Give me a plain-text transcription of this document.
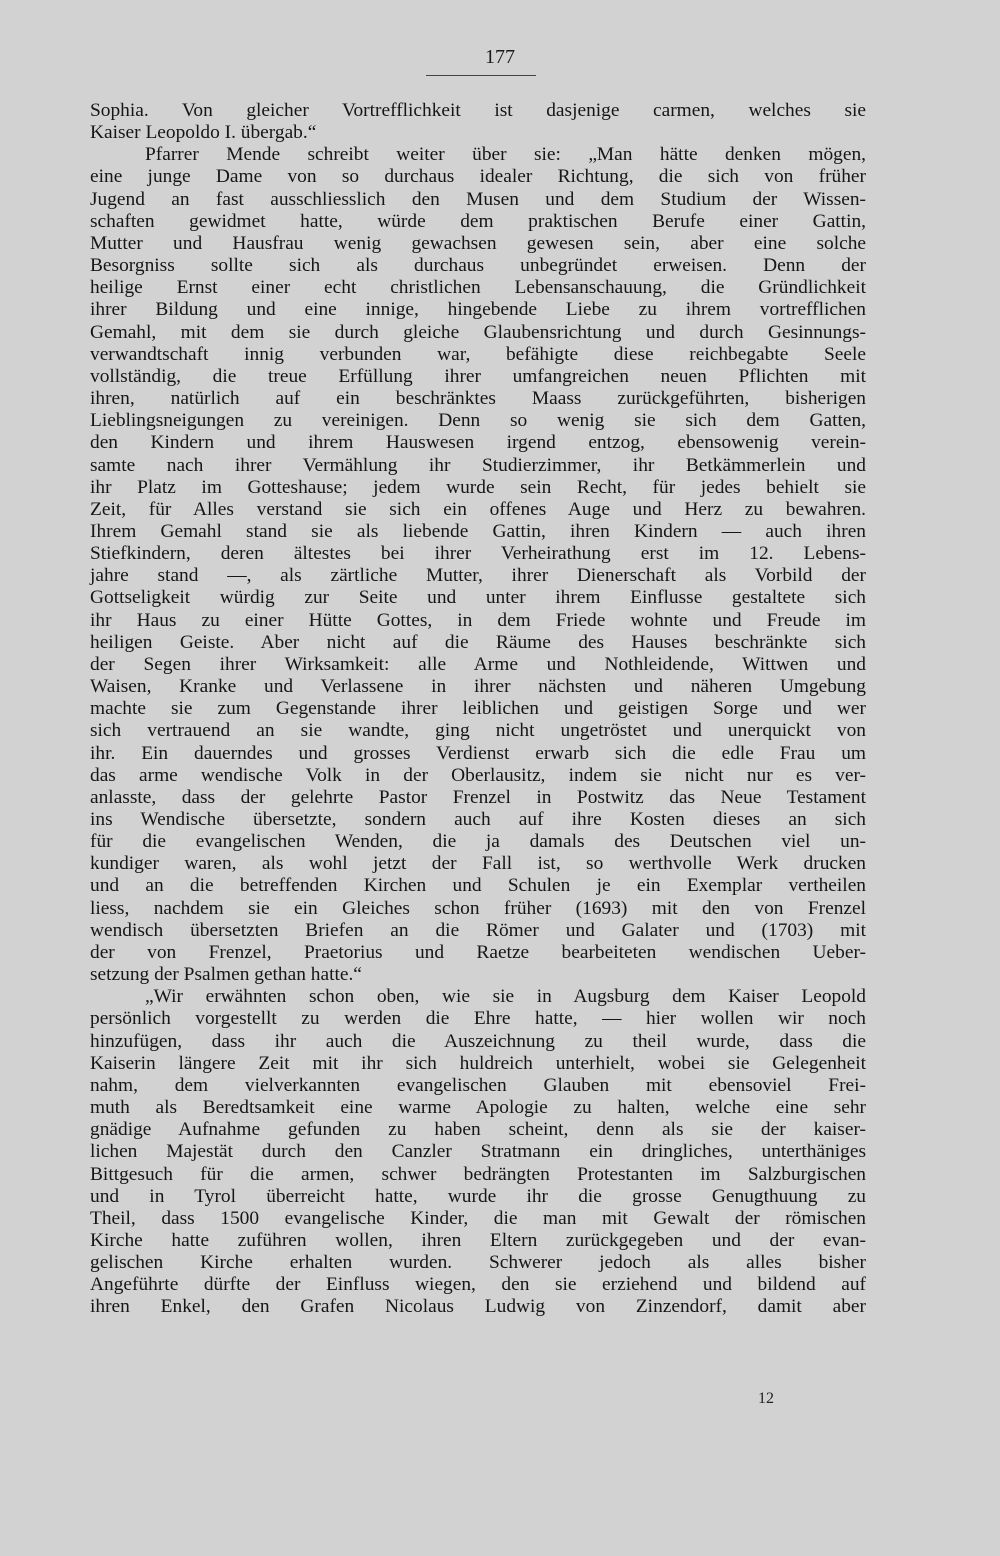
177
Sophia. Von gleicher Vortrefflichkeit ist dasjenige carmen, welches sie
Kaiser Leopoldo I. übergab.“
Pfarrer Mende schreibt weiter über sie: „Man hätte denken mögen,
eine junge Dame von so durchaus idealer Richtung, die sich von früher
Jugend an fast ausschliesslich den Musen und dem Studium der Wissen-
schaften gewidmet hatte, würde dem praktischen Berufe einer Gattin,
Mutter und Hausfrau wenig gewachsen gewesen sein, aber eine solche
Besorgniss sollte sich als durchaus unbegründet erweisen. Denn der
heilige Ernst einer echt christlichen Lebensanschauung, die Gründlichkeit
ihrer Bildung und eine innige, hingebende Liebe zu ihrem vortrefflichen
Gemahl, mit dem sie durch gleiche Glaubensrichtung und durch Gesinnungs-
verwandtschaft innig verbunden war, befähigte diese reichbegabte Seele
vollständig, die treue Erfüllung ihrer umfangreichen neuen Pflichten mit
ihren, natürlich auf ein beschränktes Maass zurückgeführten, bisherigen
Lieblingsneigungen zu vereinigen. Denn so wenig sie sich dem Gatten,
den Kindern und ihrem Hauswesen irgend entzog, ebensowenig verein-
samte nach ihrer Vermählung ihr Studierzimmer, ihr Betkämmerlein und
ihr Platz im Gotteshause; jedem wurde sein Recht, für jedes behielt sie
Zeit, für Alles verstand sie sich ein offenes Auge und Herz zu bewahren.
Ihrem Gemahl stand sie als liebende Gattin, ihren Kindern — auch ihren
Stiefkindern, deren ältestes bei ihrer Verheirathung erst im 12. Lebens-
jahre stand —, als zärtliche Mutter, ihrer Dienerschaft als Vorbild der
Gottseligkeit würdig zur Seite und unter ihrem Einflusse gestaltete sich
ihr Haus zu einer Hütte Gottes, in dem Friede wohnte und Freude im
heiligen Geiste. Aber nicht auf die Räume des Hauses beschränkte sich
der Segen ihrer Wirksamkeit: alle Arme und Nothleidende, Wittwen und
Waisen, Kranke und Verlassene in ihrer nächsten und näheren Umgebung
machte sie zum Gegenstande ihrer leiblichen und geistigen Sorge und wer
sich vertrauend an sie wandte, ging nicht ungetröstet und unerquickt von
ihr. Ein dauerndes und grosses Verdienst erwarb sich die edle Frau um
das arme wendische Volk in der Oberlausitz, indem sie nicht nur es ver-
anlasste, dass der gelehrte Pastor Frenzel in Postwitz das Neue Testament
ins Wendische übersetzte, sondern auch auf ihre Kosten dieses an sich
für die evangelischen Wenden, die ja damals des Deutschen viel un-
kundiger waren, als wohl jetzt der Fall ist, so werthvolle Werk drucken
und an die betreffenden Kirchen und Schulen je ein Exemplar vertheilen
liess, nachdem sie ein Gleiches schon früher (1693) mit den von Frenzel
wendisch übersetzten Briefen an die Römer und Galater und (1703) mit
der von Frenzel, Praetorius und Raetze bearbeiteten wendischen Ueber-
setzung der Psalmen gethan hatte.“
„Wir erwähnten schon oben, wie sie in Augsburg dem Kaiser Leopold
persönlich vorgestellt zu werden die Ehre hatte, — hier wollen wir noch
hinzufügen, dass ihr auch die Auszeichnung zu theil wurde, dass die
Kaiserin längere Zeit mit ihr sich huldreich unterhielt, wobei sie Gelegenheit
nahm, dem vielverkannten evangelischen Glauben mit ebensoviel Frei-
muth als Beredtsamkeit eine warme Apologie zu halten, welche eine sehr
gnädige Aufnahme gefunden zu haben scheint, denn als sie der kaiser-
lichen Majestät durch den Canzler Stratmann ein dringliches, unterthäniges
Bittgesuch für die armen, schwer bedrängten Protestanten im Salzburgischen
und in Tyrol überreicht hatte, wurde ihr die grosse Genugthuung zu
Theil, dass 1500 evangelische Kinder, die man mit Gewalt der römischen
Kirche hatte zuführen wollen, ihren Eltern zurückgegeben und der evan-
gelischen Kirche erhalten wurden. Schwerer jedoch als alles bisher
Angeführte dürfte der Einfluss wiegen, den sie erziehend und bildend auf
ihren Enkel, den Grafen Nicolaus Ludwig von Zinzendorf, damit aber
12
